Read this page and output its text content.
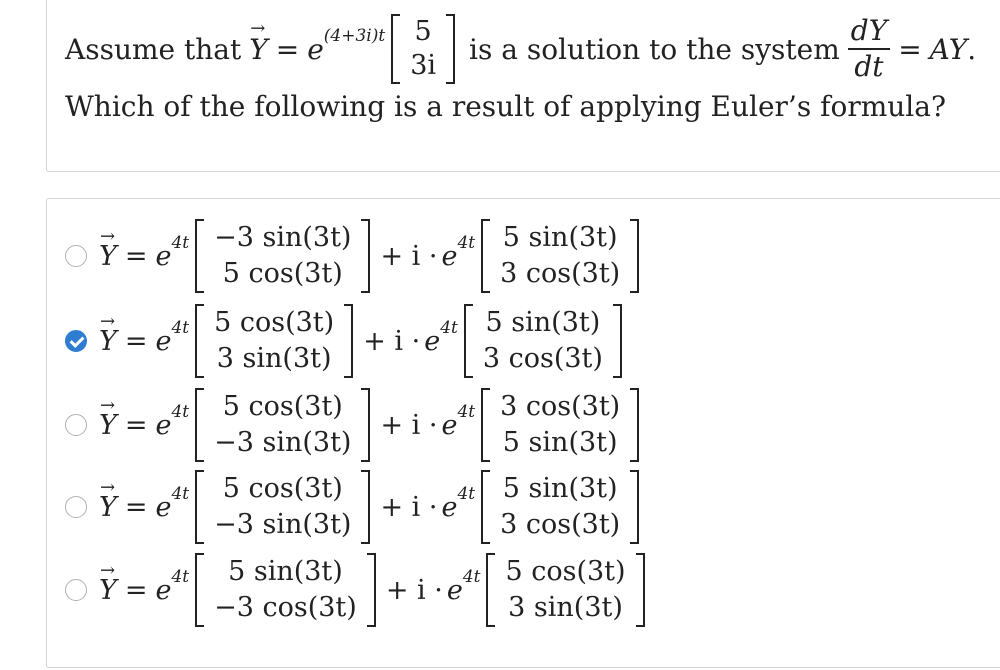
Assume that
→ Y = e (4+3i)t 5
3i is a solution to the system $\frac{dY}{dt}$ = AY .
Which of the following is a result of applying Euler’s formula?
→ Y = e 4t −3 sin(3t)
5 cos(3t)
+ i · e 4t 5 sin(3t)
3 cos(3t)
→ Y = e 4t 5 cos(3t)
3 sin(3t)
+ i · e 4t 5 sin(3t)
3 cos(3t)
→ Y = e 4t	5 cos(3t)
−3 sin(3t)
+ i · e 4t 3 cos(3t)
5 sin(3t)
→ Y = e 4t	5 cos(3t)
−3 sin(3t)
+ i · e 4t 5 sin(3t)
3 cos(3t)
→ Y = e 4t	5 sin(3t)
−3 cos(3t)
+ i · e 4t 5 cos(3t)
3 sin(3t)
